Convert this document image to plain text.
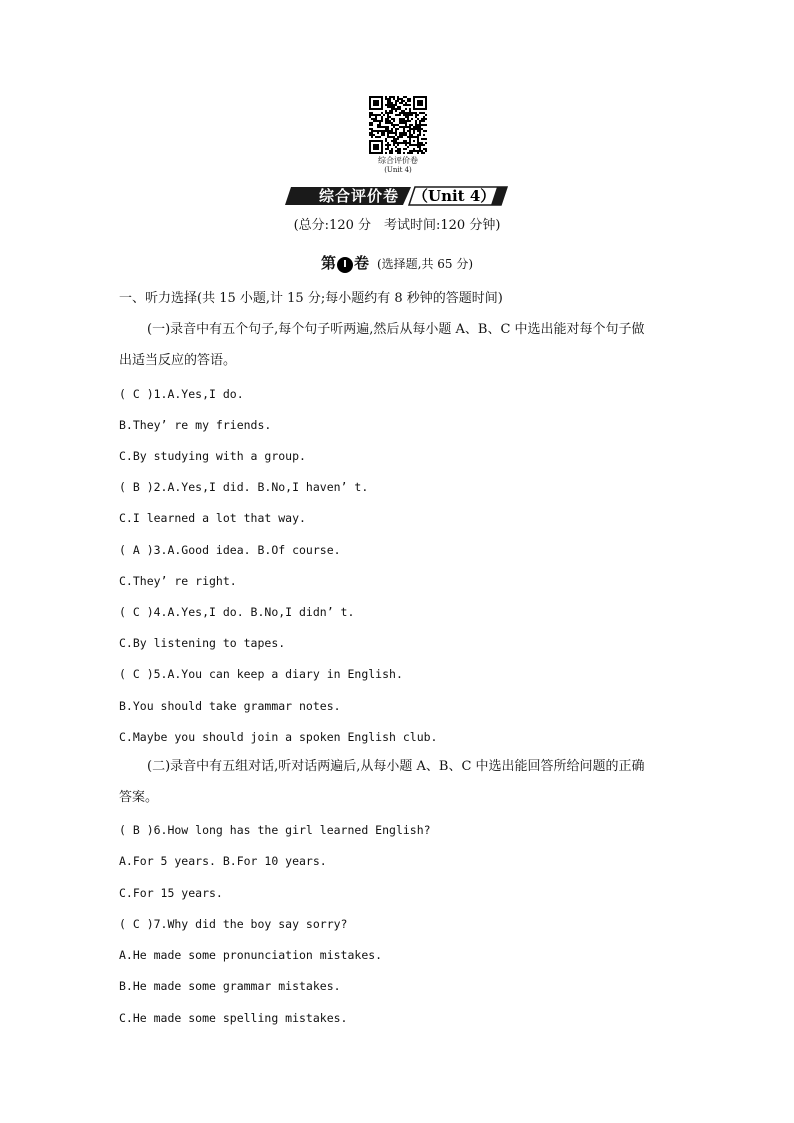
综合评价卷
(Unit 4)
综合评价卷 （Unit 4）
(总分:120 分　考试时间:120 分钟)
第 I 卷 (选择题,共 65 分)
一、听力选择(共 15 小题,计 15 分;每小题约有 8 秒钟的答题时间)
(一)录音中有五个句子,每个句子听两遍,然后从每小题 A、B、C 中选出能对每个句子做
出适当反应的答语。
( C )1.A.Yes,I do.
B.They’ re my friends.
C.By studying with a group.
( B )2.A.Yes,I did. B.No,I haven’ t.
C.I learned a lot that way.
( A )3.A.Good idea. B.Of course.
C.They’ re right.
( C )4.A.Yes,I do. B.No,I didn’ t.
C.By listening to tapes.
( C )5.A.You can keep a diary in English.
B.You should take grammar notes.
C.Maybe you should join a spoken English club.
(二)录音中有五组对话,听对话两遍后,从每小题 A、B、C 中选出能回答所给问题的正确
答案。
( B )6.How long has the girl learned English?
A.For 5 years. B.For 10 years.
C.For 15 years.
( C )7.Why did the boy say sorry?
A.He made some pronunciation mistakes.
B.He made some grammar mistakes.
C.He made some spelling mistakes.
